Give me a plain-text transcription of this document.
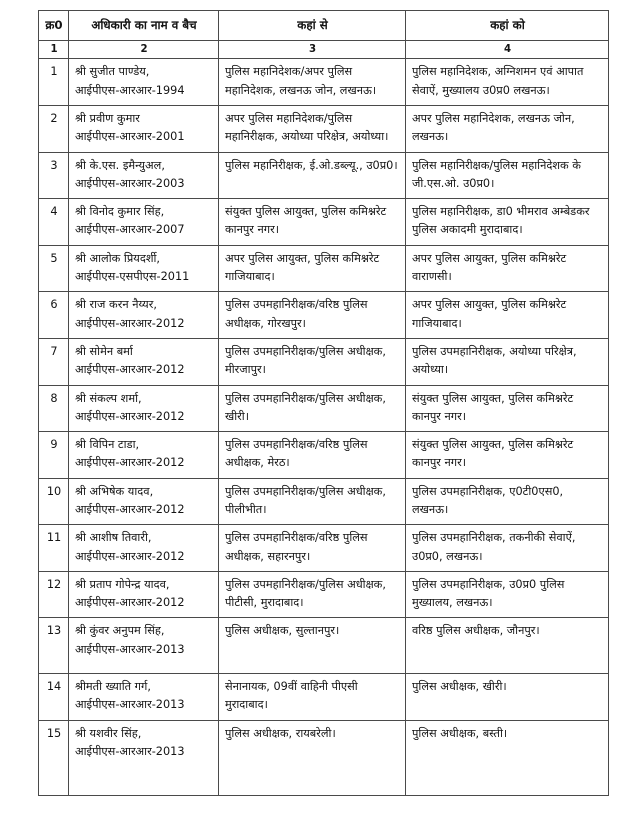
क्र0	अधिकारी का नाम व बैच	कहां से	कहां को
1	2	3	4
1	श्री सुजीत पाण्डेय,
आईपीएस-आरआर-1994	पुलिस महानिदेशक/अपर पुलिस महानिदेशक, लखनऊ जोन, लखनऊ।	पुलिस महानिदेशक, अग्निशमन एवं आपात सेवाऐं, मुख्यालय उ0प्र0 लखनऊ।
2	श्री प्रवीण कुमार
आईपीएस-आरआर-2001	अपर पुलिस महानिदेशक/पुलिस महानिरीक्षक, अयोध्या परिक्षेत्र, अयोध्या।	अपर पुलिस महानिदेशक, लखनऊ जोन, लखनऊ।
3	श्री के.एस. इमैन्युअल,
आईपीएस-आरआर-2003	पुलिस महानिरीक्षक, ई.ओ.डब्ल्यू., उ0प्र0।	पुलिस महानिरीक्षक/पुलिस महानिदेशक के जी.एस.ओ. उ0प्र0।
4	श्री विनोद कुमार सिंह,
आईपीएस-आरआर-2007	संयुक्त पुलिस आयुक्त, पुलिस कमिश्नरेट कानपुर नगर।	पुलिस महानिरीक्षक, डा0 भीमराव अम्बेडकर पुलिस अकादमी मुरादाबाद।
5	श्री आलोक प्रियदर्शी,
आईपीएस-एसपीएस-2011	अपर पुलिस आयुक्त, पुलिस कमिश्नरेट गाजियाबाद।	अपर पुलिस आयुक्त, पुलिस कमिश्नरेट वाराणसी।
6	श्री राज करन नैय्यर,
आईपीएस-आरआर-2012	पुलिस उपमहानिरीक्षक/वरिष्ठ पुलिस अधीक्षक, गोरखपुर।	अपर पुलिस आयुक्त, पुलिस कमिश्नरेट गाजियाबाद।
7	श्री सोमेन बर्मा
आईपीएस-आरआर-2012	पुलिस उपमहानिरीक्षक/पुलिस अधीक्षक, मीरजापुर।	पुलिस उपमहानिरीक्षक, अयोध्या परिक्षेत्र, अयोध्या।
8	श्री संकल्प शर्मा,
आईपीएस-आरआर-2012	पुलिस उपमहानिरीक्षक/पुलिस अधीक्षक, खीरी।	संयुक्त पुलिस आयुक्त, पुलिस कमिश्नरेट कानपुर नगर।
9	श्री विपिन टाडा,
आईपीएस-आरआर-2012	पुलिस उपमहानिरीक्षक/वरिष्ठ पुलिस अधीक्षक, मेरठ।	संयुक्त पुलिस आयुक्त, पुलिस कमिश्नरेट कानपुर नगर।
10	श्री अभिषेक यादव,
आईपीएस-आरआर-2012	पुलिस उपमहानिरीक्षक/पुलिस अधीक्षक, पीलीभीत।	पुलिस उपमहानिरीक्षक, ए0टी0एस0, लखनऊ।
11	श्री आशीष तिवारी,
आईपीएस-आरआर-2012	पुलिस उपमहानिरीक्षक/वरिष्ठ पुलिस अधीक्षक, सहारनपुर।	पुलिस उपमहानिरीक्षक, तकनीकी सेवाऐं, उ0प्र0, लखनऊ।
12	श्री प्रताप गोपेन्द्र यादव,
आईपीएस-आरआर-2012	पुलिस उपमहानिरीक्षक/पुलिस अधीक्षक, पीटीसी, मुरादाबाद।	पुलिस उपमहानिरीक्षक, उ0प्र0 पुलिस मुख्यालय, लखनऊ।
13	श्री कुंवर अनुपम सिंह,
आईपीएस-आरआर-2013	पुलिस अधीक्षक, सुल्तानपुर।	वरिष्ठ पुलिस अधीक्षक, जौनपुर।
14	श्रीमती ख्याति गर्ग,
आईपीएस-आरआर-2013	सेनानायक, 09वीं वाहिनी पीएसी मुरादाबाद।	पुलिस अधीक्षक, खीरी।
15	श्री यशवीर सिंह,
आईपीएस-आरआर-2013	पुलिस अधीक्षक, रायबरेली।	पुलिस अधीक्षक, बस्ती।
